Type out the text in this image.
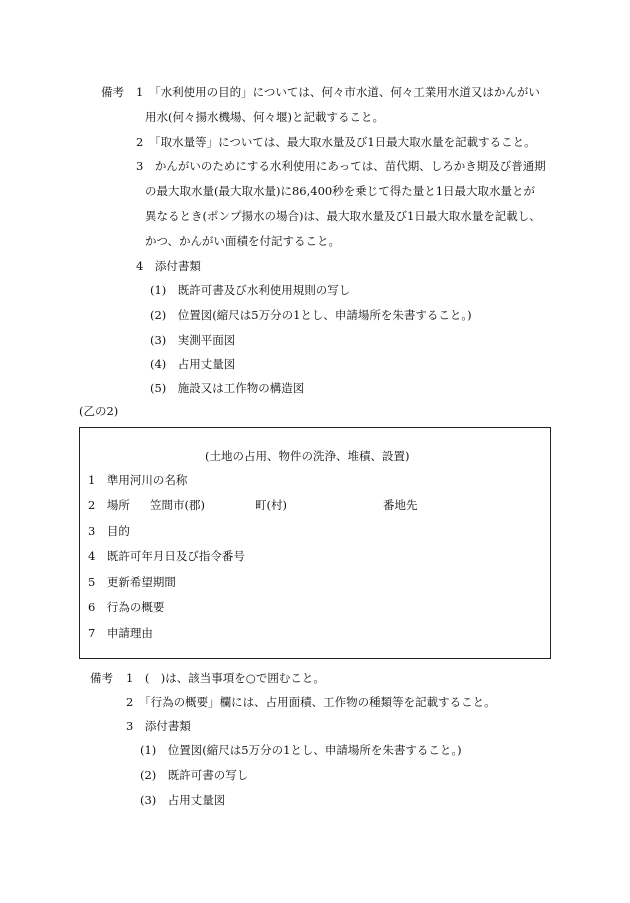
備考 1　「水利使用の目的」については、何々市水道、何々工業用水道又はかんがい
用水(何々揚水機場、何々堰)と記載すること。
2　「取水量等」については、最大取水量及び1日最大取水量を記載すること。
3　かんがいのためにする水利使用にあっては、苗代期、しろかき期及び普通期
の最大取水量(最大取水量)に86,400秒を乗じて得た量と1日最大取水量とが
異なるとき(ポンプ揚水の場合)は、最大取水量及び1日最大取水量を記載し、
かつ、かんがい面積を付記すること。
4　添付書類
(1)　既許可書及び水利使用規則の写し
(2)　位置図(縮尺は5万分の1とし、申請場所を朱書すること。)
(3)　実測平面図
(4)　占用丈量図
(5)　施設又は工作物の構造図
(乙の2)
(土地の占用、物件の洗浄、堆積、設置)
1　準用河川の名称
2　場所 笠間市(郡)	町(村)	番地先
3　目的
4　既許可年月日及び指令番号
5　更新希望期間
6　行為の概要
7　申請理由
備考 1　(　)は、該当事項を○で囲むこと。
2　「行為の概要」欄には、占用面積、工作物の種類等を記載すること。
3　添付書類
(1)　位置図(縮尺は5万分の1とし、申請場所を朱書すること。)
(2)　既許可書の写し
(3)　占用丈量図
